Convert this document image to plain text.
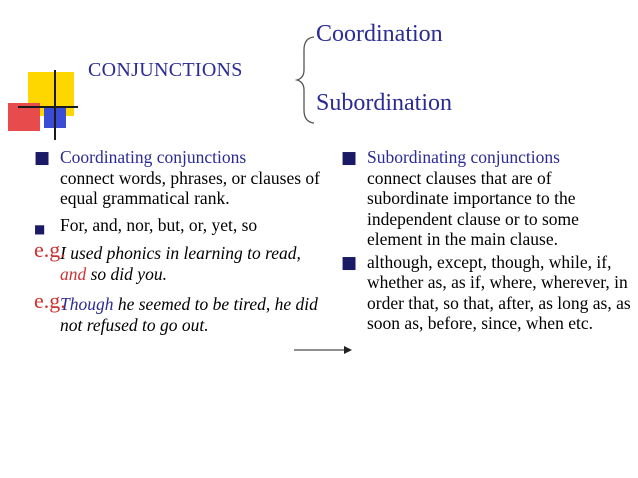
CONJUNCTIONS
Coordination
Subordination
■ Coordinating conjunctions
connect words, phrases, or clauses of equal grammatical rank.
■ For, and, nor, but, or, yet, so
e.g.
I used phonics in learning to read, and so did you.
e.g.
Though he seemed to be tired, he did not refused to go out.
■ Subordinating conjunctions
connect clauses that are of subordinate importance to the independent clause or to some element in the main clause.
■ although, except, though, while, if, whether as, as if, where, wherever, in order that, so that, after, as long as, as soon as, before, since, when etc.
